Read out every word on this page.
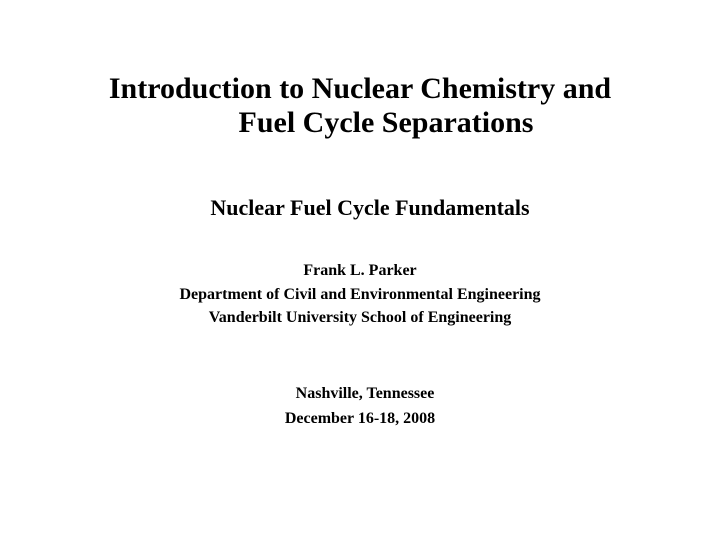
Introduction to Nuclear Chemistry and
Fuel Cycle Separations
Nuclear Fuel Cycle Fundamentals
Frank L. Parker
Department of Civil and Environmental Engineering
Vanderbilt University School of Engineering
Nashville, Tennessee
December 16-18, 2008
